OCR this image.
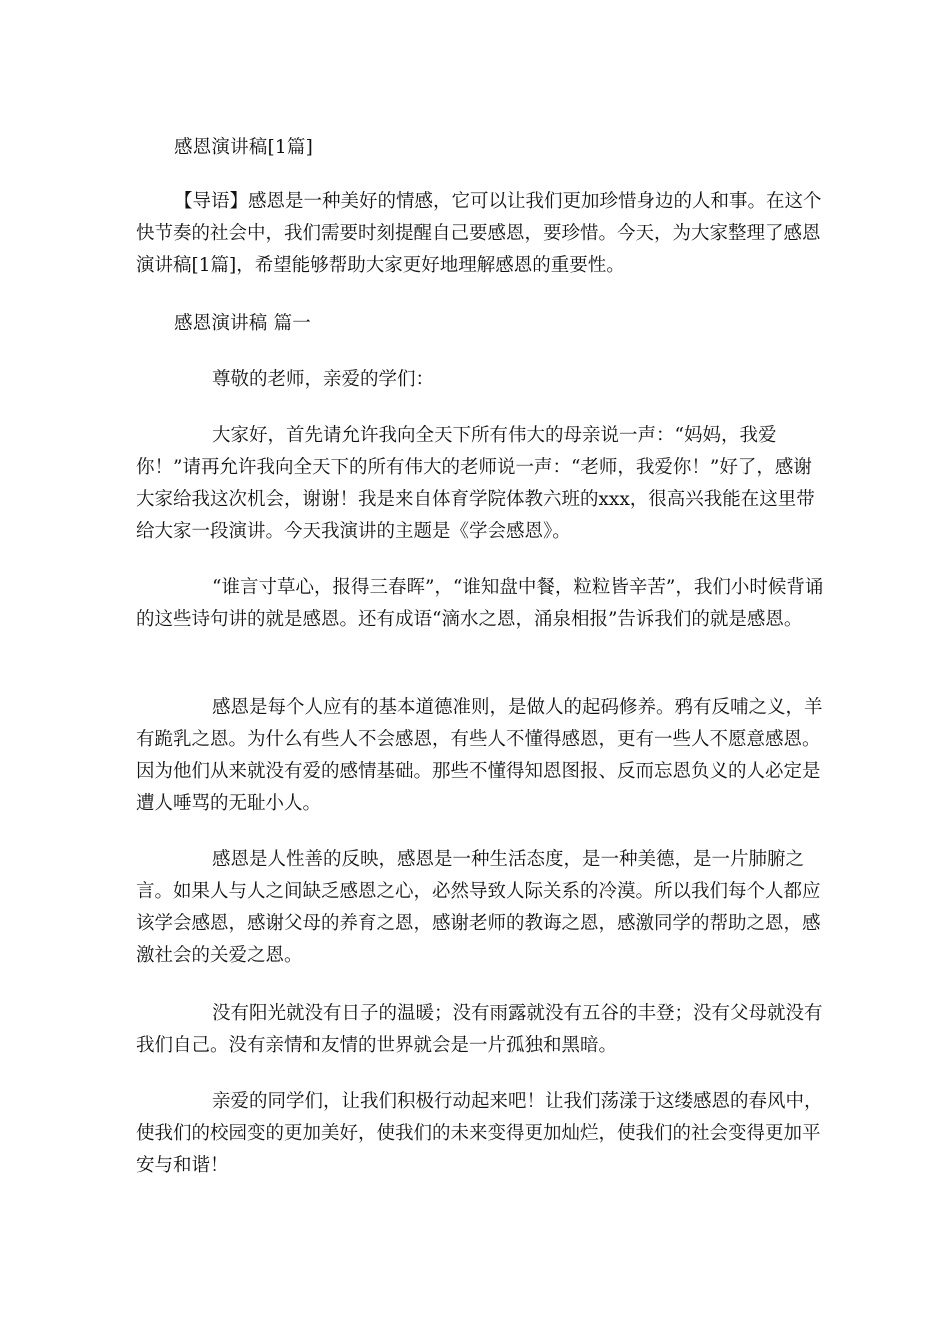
感恩演讲稿[1篇]

【导语】感恩是一种美好的情感，它可以让我们更加珍惜身边的人和事。在这个快节奏的社会中，我们需要时刻提醒自己要感恩，要珍惜。今天，为大家整理了感恩演讲稿[1篇]，希望能够帮助大家更好地理解感恩的重要性。

感恩演讲稿 篇一

尊敬的老师，亲爱的学们：

大家好，首先请允许我向全天下所有伟大的母亲说一声：“妈妈，我爱你！”请再允许我向全天下的所有伟大的老师说一声：“老师，我爱你！”好了，感谢大家给我这次机会，谢谢！我是来自体育学院体教六班的xxx，很高兴我能在这里带给大家一段演讲。今天我演讲的主题是《学会感恩》。

“谁言寸草心，报得三春晖”，“谁知盘中餐，粒粒皆辛苦”，我们小时候背诵的这些诗句讲的就是感恩。还有成语“滴水之恩，涌泉相报”告诉我们的就是感恩。

感恩是每个人应有的基本道德准则，是做人的起码修养。鸦有反哺之义，羊有跪乳之恩。为什么有些人不会感恩，有些人不懂得感恩，更有一些人不愿意感恩。因为他们从来就没有爱的感情基础。那些不懂得知恩图报、反而忘恩负义的人必定是遭人唾骂的无耻小人。

感恩是人性善的反映，感恩是一种生活态度，是一种美德，是一片肺腑之言。如果人与人之间缺乏感恩之心，必然导致人际关系的冷漠。所以我们每个人都应该学会感恩，感谢父母的养育之恩，感谢老师的教诲之恩，感激同学的帮助之恩，感激社会的关爱之恩。

没有阳光就没有日子的温暖；没有雨露就没有五谷的丰登；没有父母就没有我们自己。没有亲情和友情的世界就会是一片孤独和黑暗。

亲爱的同学们，让我们积极行动起来吧！让我们荡漾于这缕感恩的春风中，使我们的校园变的更加美好，使我们的未来变得更加灿烂，使我们的社会变得更加平安与和谐！
